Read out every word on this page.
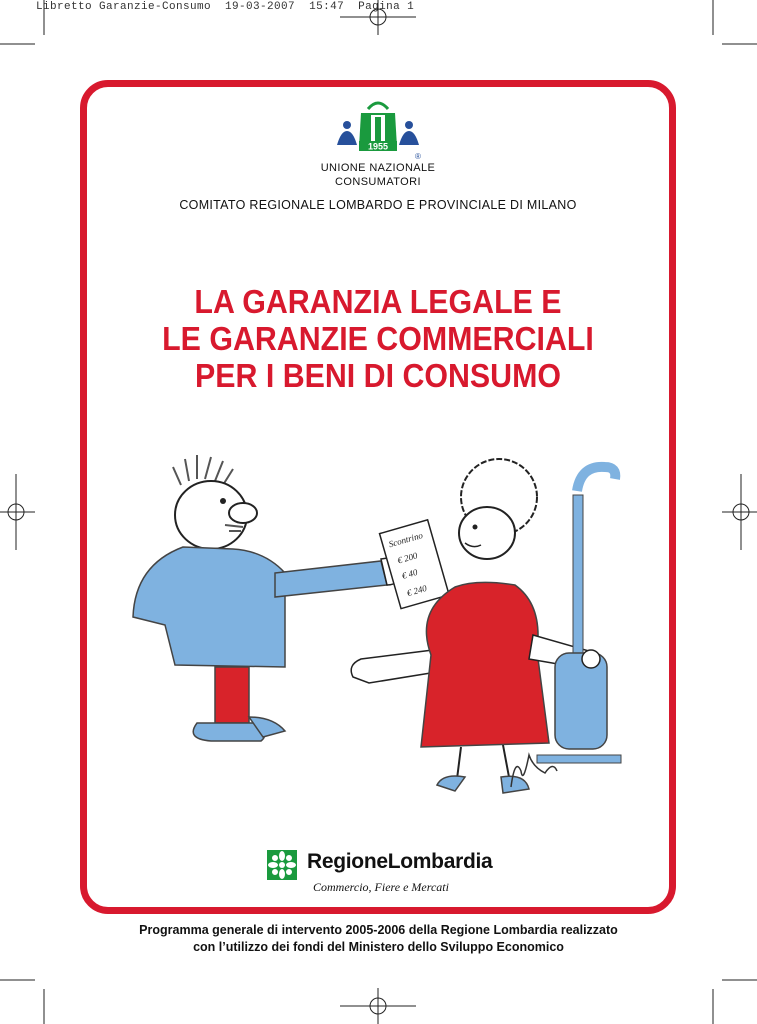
Libretto Garanzie-Consumo 19-03-2007 15:47 Pagina 1

1955
®
UNIONE NAZIONALE
CONSUMATORI
COMITATO REGIONALE LOMBARDO E PROVINCIALE DI MILANO
LA GARANZIA LEGALE E
LE GARANZIE COMMERCIALI
PER I BENI DI CONSUMO
Scontrino
€ 200
€ 40
€ 240
RegioneLombardia
Commercio, Fiere e Mercati
Programma generale di intervento 2005-2006 della Regione Lombardia realizzato
con l’utilizzo dei fondi del Ministero dello Sviluppo Economico
